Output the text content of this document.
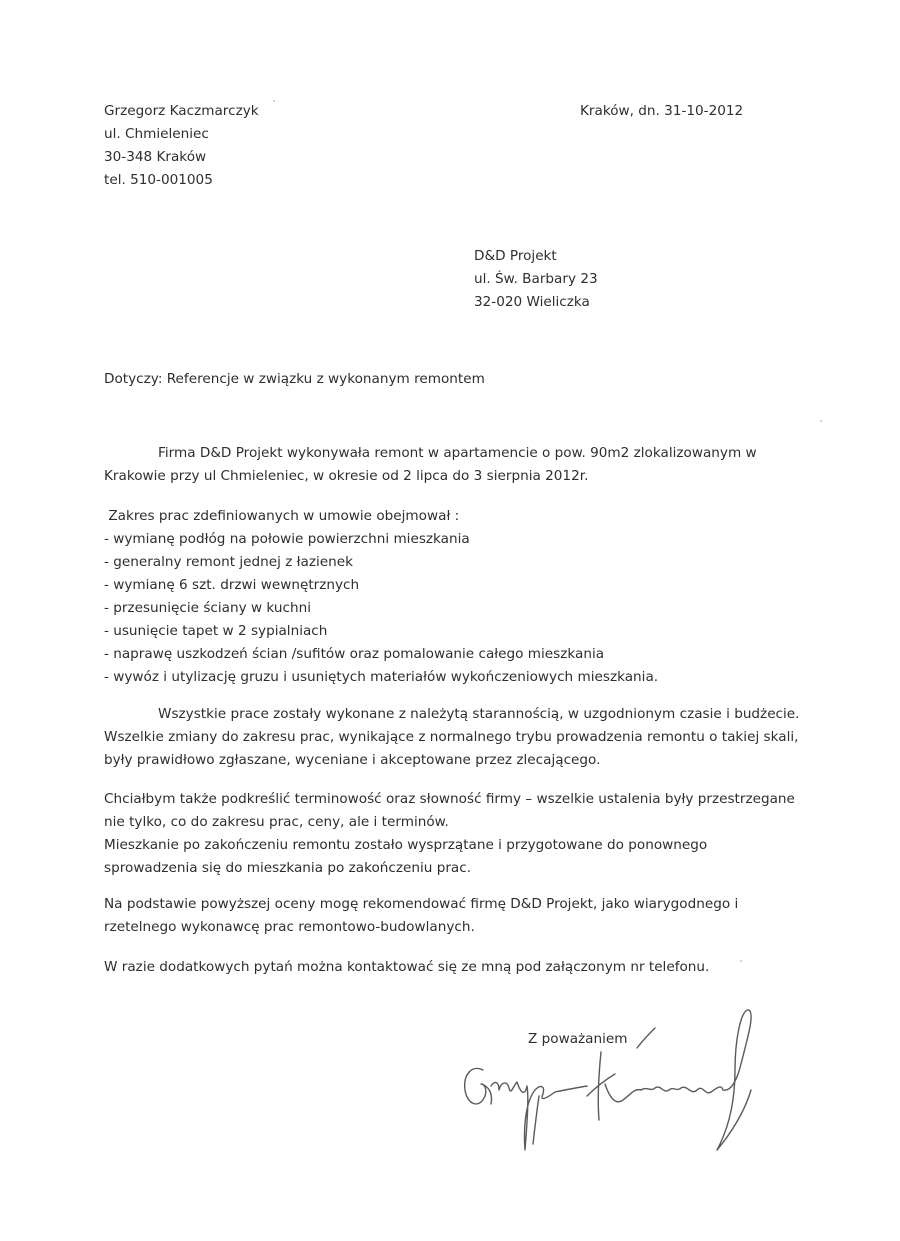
Grzegorz Kaczmarczyk
ul. Chmieleniec
30-348 Kraków
tel. 510-001005
Kraków, dn. 31-10-2012
D&D Projekt
ul. Św. Barbary 23
32-020 Wieliczka
Dotyczy: Referencje w związku z wykonanym remontem
Firma D&D Projekt wykonywała remont w apartamencie o pow. 90m2 zlokalizowanym w
Krakowie przy ul Chmieleniec, w okresie od 2 lipca do 3 sierpnia 2012r.
Zakres prac zdefiniowanych w umowie obejmował :
- wymianę podłóg na połowie powierzchni mieszkania
- generalny remont jednej z łazienek
- wymianę 6 szt. drzwi wewnętrznych
- przesunięcie ściany w kuchni
- usunięcie tapet w 2 sypialniach
- naprawę uszkodzeń ścian /sufitów oraz pomalowanie całego mieszkania
- wywóz i utylizację gruzu i usuniętych materiałów wykończeniowych mieszkania.
Wszystkie prace zostały wykonane z należytą starannością, w uzgodnionym czasie i budżecie.
Wszelkie zmiany do zakresu prac, wynikające z normalnego trybu prowadzenia remontu o takiej skali,
były prawidłowo zgłaszane, wyceniane i akceptowane przez zlecającego.
Chciałbym także podkreślić terminowość oraz słowność firmy – wszelkie ustalenia były przestrzegane
nie tylko, co do zakresu prac, ceny, ale i terminów.
Mieszkanie po zakończeniu remontu zostało wysprzątane i przygotowane do ponownego
sprowadzenia się do mieszkania po zakończeniu prac.
Na podstawie powyższej oceny mogę rekomendować firmę D&D Projekt, jako wiarygodnego i
rzetelnego wykonawcę prac remontowo-budowlanych.
W razie dodatkowych pytań można kontaktować się ze mną pod załączonym nr telefonu.
Z poważaniem
